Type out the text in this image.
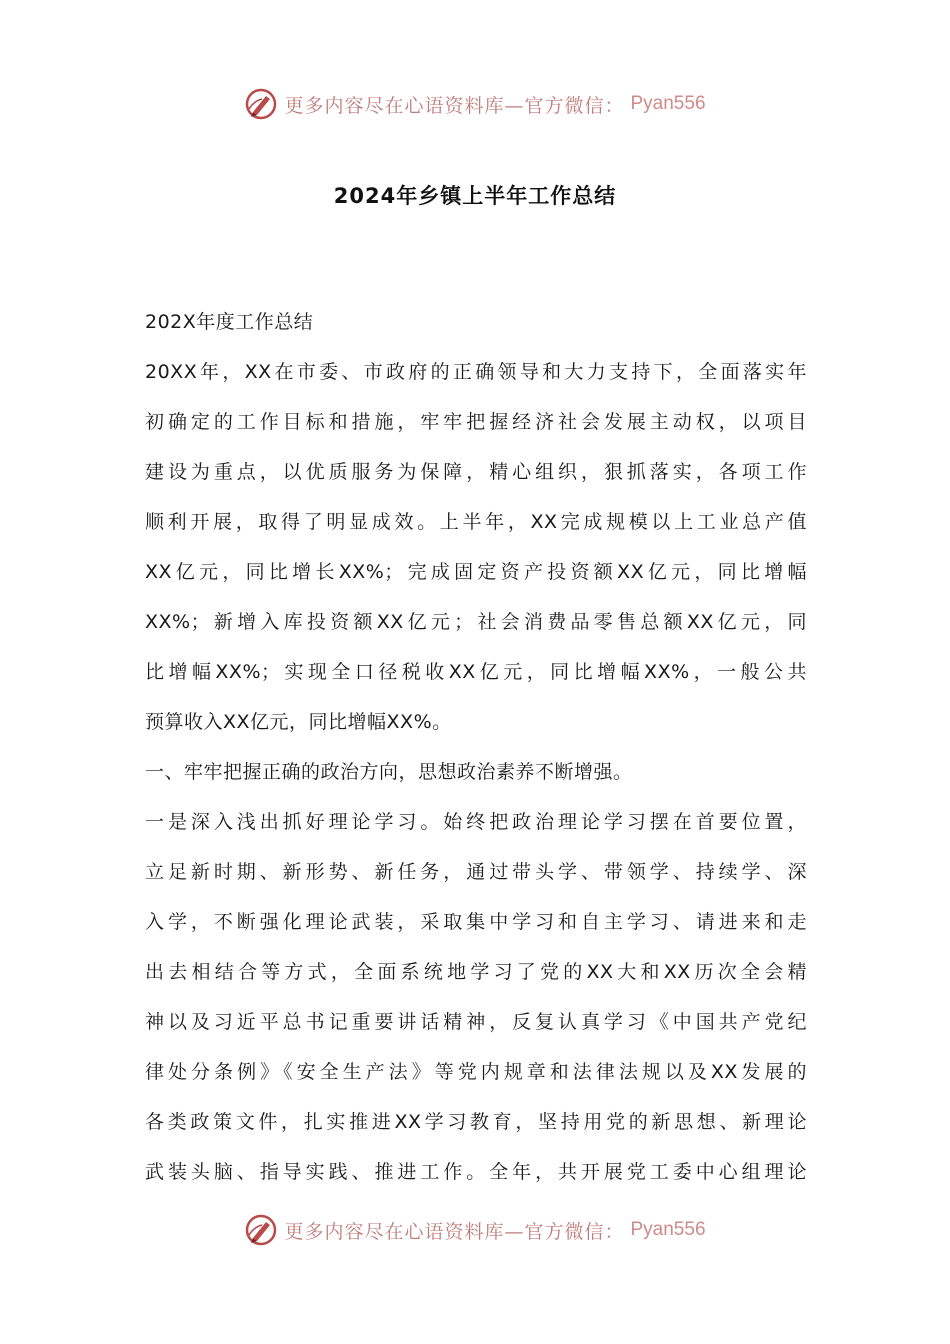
更多内容尽在心语资料库—官方微信： Pyan556
2024年乡镇上半年工作总结
202X年度工作总结
20XX年，XX在市委、市政府的正确领导和大力支持下，全面落实年
初确定的工作目标和措施，牢牢把握经济社会发展主动权，以项目
建设为重点，以优质服务为保障，精心组织，狠抓落实，各项工作
顺利开展，取得了明显成效。上半年，XX完成规模以上工业总产值
XX亿元，同比增长XX%；完成固定资产投资额XX亿元，同比增幅
XX%；新增入库投资额XX亿元；社会消费品零售总额XX亿元，同
比增幅XX%；实现全口径税收XX亿元，同比增幅XX%，一般公共
预算收入XX亿元，同比增幅XX%。
一、牢牢把握正确的政治方向，思想政治素养不断增强。
一是深入浅出抓好理论学习。始终把政治理论学习摆在首要位置，
立足新时期、新形势、新任务，通过带头学、带领学、持续学、深
入学，不断强化理论武装，采取集中学习和自主学习、请进来和走
出去相结合等方式，全面系统地学习了党的XX大和XX历次全会精
神以及习近平总书记重要讲话精神，反复认真学习《中国共产党纪
律处分条例》《安全生产法》等党内规章和法律法规以及XX发展的
各类政策文件，扎实推进XX学习教育，坚持用党的新思想、新理论
武装头脑、指导实践、推进工作。全年，共开展党工委中心组理论
更多内容尽在心语资料库—官方微信： Pyan556
